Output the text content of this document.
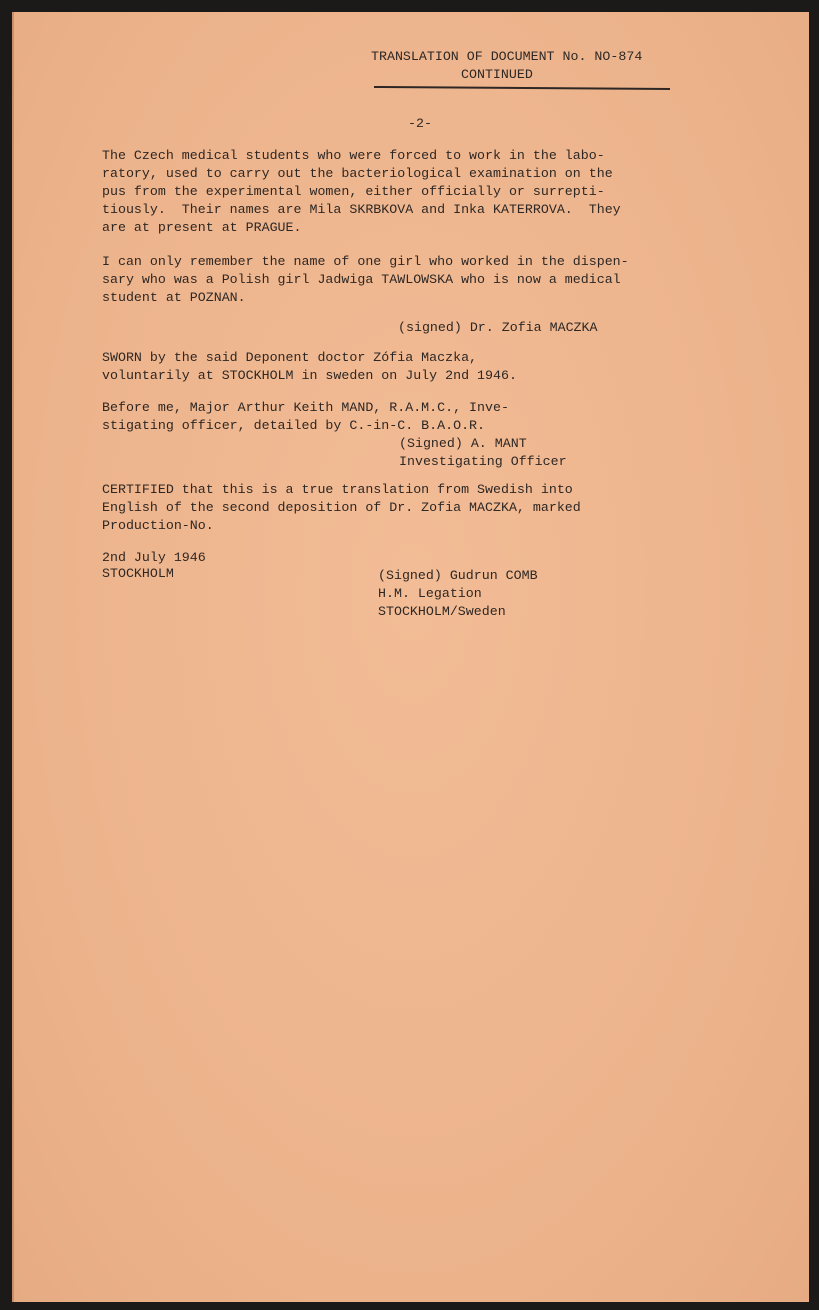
TRANSLATION OF DOCUMENT No. NO-874
CONTINUED
-2-
The Czech medical students who were forced to work in the labo-
ratory, used to carry out the bacteriological examination on the
pus from the experimental women, either officially or surrepti-
tiously.  Their names are Mila SKRBKOVA and Inka KATERROVA.  They
are at present at PRAGUE.
I can only remember the name of one girl who worked in the dispen-
sary who was a Polish girl Jadwiga TAWLOWSKA who is now a medical
student at POZNAN.
(signed) Dr. Zofia MACZKA
SWORN by the said Deponent doctor Zófia Maczka,
voluntarily at STOCKHOLM in sweden on July 2nd 1946.
Before me, Major Arthur Keith MAND, R.A.M.C., Inve-
stigating officer, detailed by C.-in-C. B.A.O.R.
(Signed) A. MANT
Investigating Officer
CERTIFIED that this is a true translation from Swedish into
English of the second deposition of Dr. Zofia MACZKA, marked
Production-No.
2nd July 1946
STOCKHOLM	(Signed) Gudrun COMB
H.M. Legation
STOCKHOLM/Sweden
